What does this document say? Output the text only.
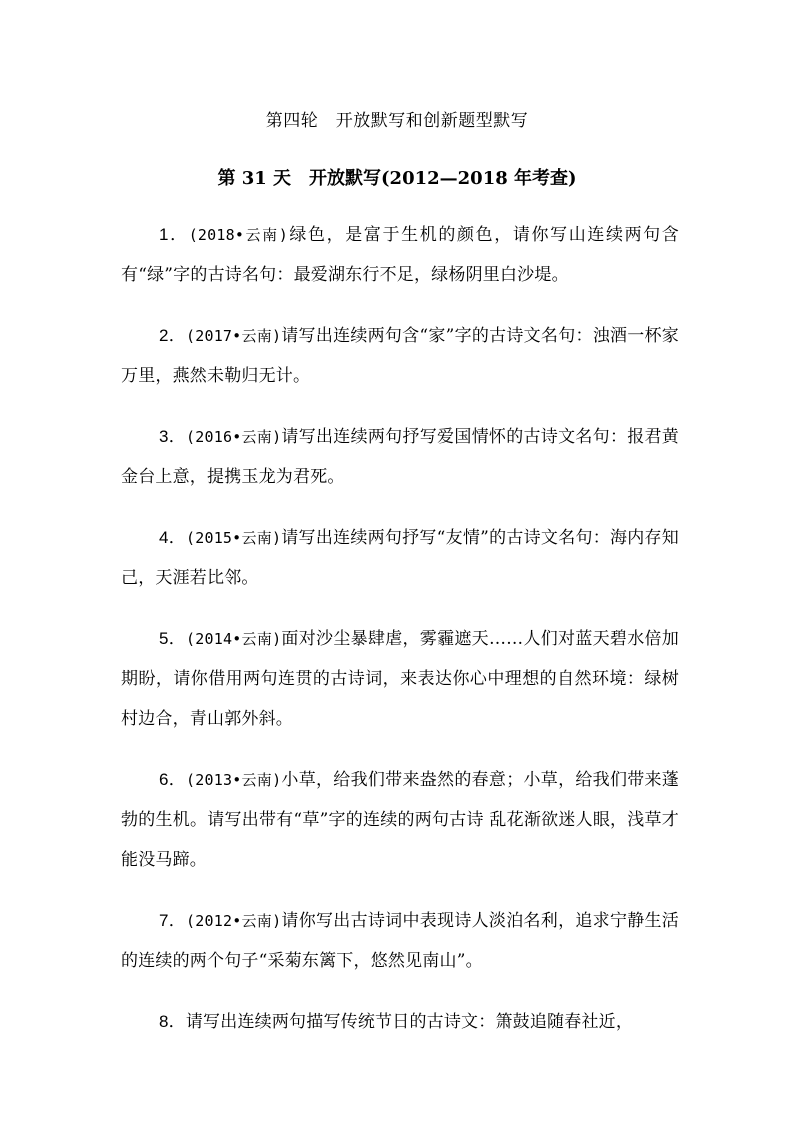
第四轮　开放默写和创新题型默写
第 31 天　开放默写(2012—2018 年考查)

1．(2018•云南)绿色，是富于生机的颜色，请你写山连续两句含有“绿”字的古诗名句：最爱湖东行不足，绿杨阴里白沙堤。

2．(2017•云南)请写出连续两句含“家”字的古诗文名句：浊酒一杯家万里，燕然未勒归无计。

3．(2016•云南)请写出连续两句抒写爱国情怀的古诗文名句：报君黄金台上意，提携玉龙为君死。

4．(2015•云南)请写出连续两句抒写“友情”的古诗文名句：海内存知己，天涯若比邻。

5．(2014•云南)面对沙尘暴肆虐，雾霾遮天……人们对蓝天碧水倍加期盼，请你借用两句连贯的古诗词，来表达你心中理想的自然环境：绿树村边合，青山郭外斜。

6．(2013•云南)小草，给我们带来盎然的春意；小草，给我们带来蓬勃的生机。请写出带有“草”字的连续的两句古诗 乱花渐欲迷人眼，浅草才能没马蹄。

7．(2012•云南)请你写出古诗词中表现诗人淡泊名利，追求宁静生活的连续的两个句子“采菊东篱下，悠然见南山”。

8．请写出连续两句描写传统节日的古诗文：箫鼓追随春社近，
